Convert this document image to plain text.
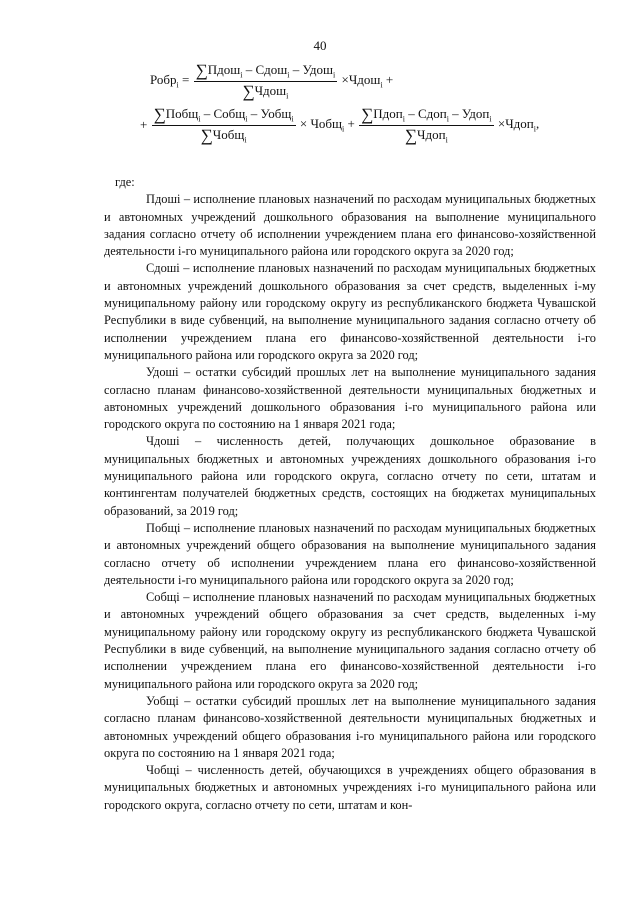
40
Робр$_i$ = $\frac{\sum Пдош_i - Сдош_i - Удош_i}{\sum Чдош_i}$ ×Чдош$_i$ +
+ $\frac{\sum Побщ_i - Собщ_i - Уобщ_i}{\sum Чобщ_i}$ × Чобщ$_i$ + $\frac{\sum Пдоп_i - Сдоп_i - Удоп_i}{\sum Чдоп_i}$ ×Чдоп$_i$,

где:

Пдошi – исполнение плановых назначений по расходам муниципальных бюджетных и автономных учреждений дошкольного образования на выполнение муниципального задания согласно отчету об исполнении учреждением плана его финансово-хозяйственной деятельности i-го муниципального района или городского округа за 2020 год;

Сдошi – исполнение плановых назначений по расходам муниципальных бюджетных и автономных учреждений дошкольного образования за счет средств, выделенных i-му муниципальному району или городскому округу из республиканского бюджета Чувашской Республики в виде субвенций, на выполнение муниципального задания согласно отчету об исполнении учреждением плана его финансово-хозяйственной деятельности i-го муниципального района или городского округа за 2020 год;

Удошi – остатки субсидий прошлых лет на выполнение муниципального задания согласно планам финансово-хозяйственной деятельности муниципальных бюджетных и автономных учреждений дошкольного образования i-го муниципального района или городского округа по состоянию на 1 января 2021 года;

Чдошi – численность детей, получающих дошкольное образование в муниципальных бюджетных и автономных учреждениях дошкольного образования i-го муниципального района или городского округа, согласно отчету по сети, штатам и контингентам получателей бюджетных средств, состоящих на бюджетах муниципальных образований, за 2019 год;

Побщi – исполнение плановых назначений по расходам муниципальных бюджетных и автономных учреждений общего образования на выполнение муниципального задания согласно отчету об исполнении учреждением плана его финансово-хозяйственной деятельности i-го муниципального района или городского округа за 2020 год;

Собщi – исполнение плановых назначений по расходам муниципальных бюджетных и автономных учреждений общего образования за счет средств, выделенных i-му муниципальному району или городскому округу из республиканского бюджета Чувашской Республики в виде субвенций, на выполнение муниципального задания согласно отчету об исполнении учреждением плана его финансово-хозяйственной деятельности i-го муниципального района или городского округа за 2020 год;

Уобщi – остатки субсидий прошлых лет на выполнение муниципального задания согласно планам финансово-хозяйственной деятельности муниципальных бюджетных и автономных учреждений общего образования i-го муниципального района или городского округа по состоянию на 1 января 2021 года;

Чобщi – численность детей, обучающихся в учреждениях общего образования в муниципальных бюджетных и автономных учреждениях i-го муниципального района или городского округа, согласно отчету по сети, штатам и кон-
